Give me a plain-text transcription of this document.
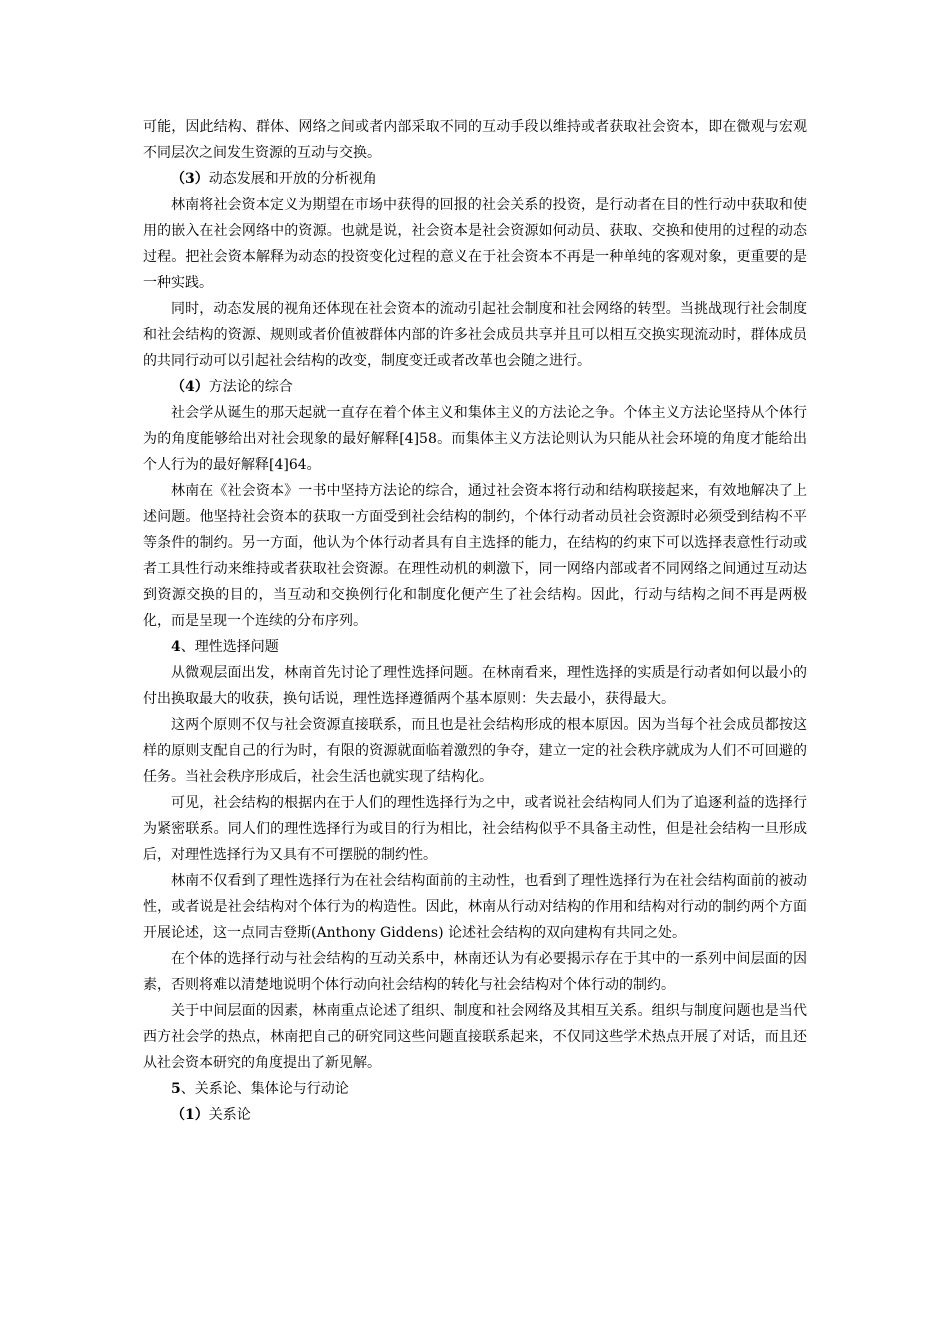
可能，因此结构、群体、网络之间或者内部采取不同的互动手段以维持或者获取社会资本，即在微观与宏观不同层次之间发生资源的互动与交换。

（3）动态发展和开放的分析视角

林南将社会资本定义为期望在市场中获得的回报的社会关系的投资，是行动者在目的性行动中获取和使用的嵌入在社会网络中的资源。也就是说，社会资本是社会资源如何动员、获取、交换和使用的过程的动态过程。把社会资本解释为动态的投资变化过程的意义在于社会资本不再是一种单纯的客观对象，更重要的是一种实践。

同时，动态发展的视角还体现在社会资本的流动引起社会制度和社会网络的转型。当挑战现行社会制度和社会结构的资源、规则或者价值被群体内部的许多社会成员共享并且可以相互交换实现流动时，群体成员的共同行动可以引起社会结构的改变，制度变迁或者改革也会随之进行。

（4）方法论的综合

社会学从诞生的那天起就一直存在着个体主义和集体主义的方法论之争。个体主义方法论坚持从个体行为的角度能够给出对社会现象的最好解释[4]58。而集体主义方法论则认为只能从社会环境的角度才能给出个人行为的最好解释[4]64。

林南在《社会资本》一书中坚持方法论的综合，通过社会资本将行动和结构联接起来，有效地解决了上述问题。他坚持社会资本的获取一方面受到社会结构的制约，个体行动者动员社会资源时必须受到结构不平等条件的制约。另一方面，他认为个体行动者具有自主选择的能力，在结构的约束下可以选择表意性行动或者工具性行动来维持或者获取社会资源。在理性动机的刺激下，同一网络内部或者不同网络之间通过互动达到资源交换的目的，当互动和交换例行化和制度化便产生了社会结构。因此，行动与结构之间不再是两极化，而是呈现一个连续的分布序列。

4、理性选择问题

从微观层面出发，林南首先讨论了理性选择问题。在林南看来，理性选择的实质是行动者如何以最小的付出换取最大的收获，换句话说，理性选择遵循两个基本原则：失去最小，获得最大。

这两个原则不仅与社会资源直接联系，而且也是社会结构形成的根本原因。因为当每个社会成员都按这样的原则支配自己的行为时，有限的资源就面临着激烈的争夺，建立一定的社会秩序就成为人们不可回避的任务。当社会秩序形成后，社会生活也就实现了结构化。

可见，社会结构的根据内在于人们的理性选择行为之中，或者说社会结构同人们为了追逐利益的选择行为紧密联系。同人们的理性选择行为或目的行为相比，社会结构似乎不具备主动性，但是社会结构一旦形成后，对理性选择行为又具有不可摆脱的制约性。

林南不仅看到了理性选择行为在社会结构面前的主动性，也看到了理性选择行为在社会结构面前的被动性，或者说是社会结构对个体行为的构造性。因此，林南从行动对结构的作用和结构对行动的制约两个方面开展论述，这一点同吉登斯(Anthony Giddens) 论述社会结构的双向建构有共同之处。

在个体的选择行动与社会结构的互动关系中，林南还认为有必要揭示存在于其中的一系列中间层面的因素，否则将难以清楚地说明个体行动向社会结构的转化与社会结构对个体行动的制约。

关于中间层面的因素，林南重点论述了组织、制度和社会网络及其相互关系。组织与制度问题也是当代西方社会学的热点，林南把自己的研究同这些问题直接联系起来，不仅同这些学术热点开展了对话，而且还从社会资本研究的角度提出了新见解。

5、关系论、集体论与行动论
（1）关系论
